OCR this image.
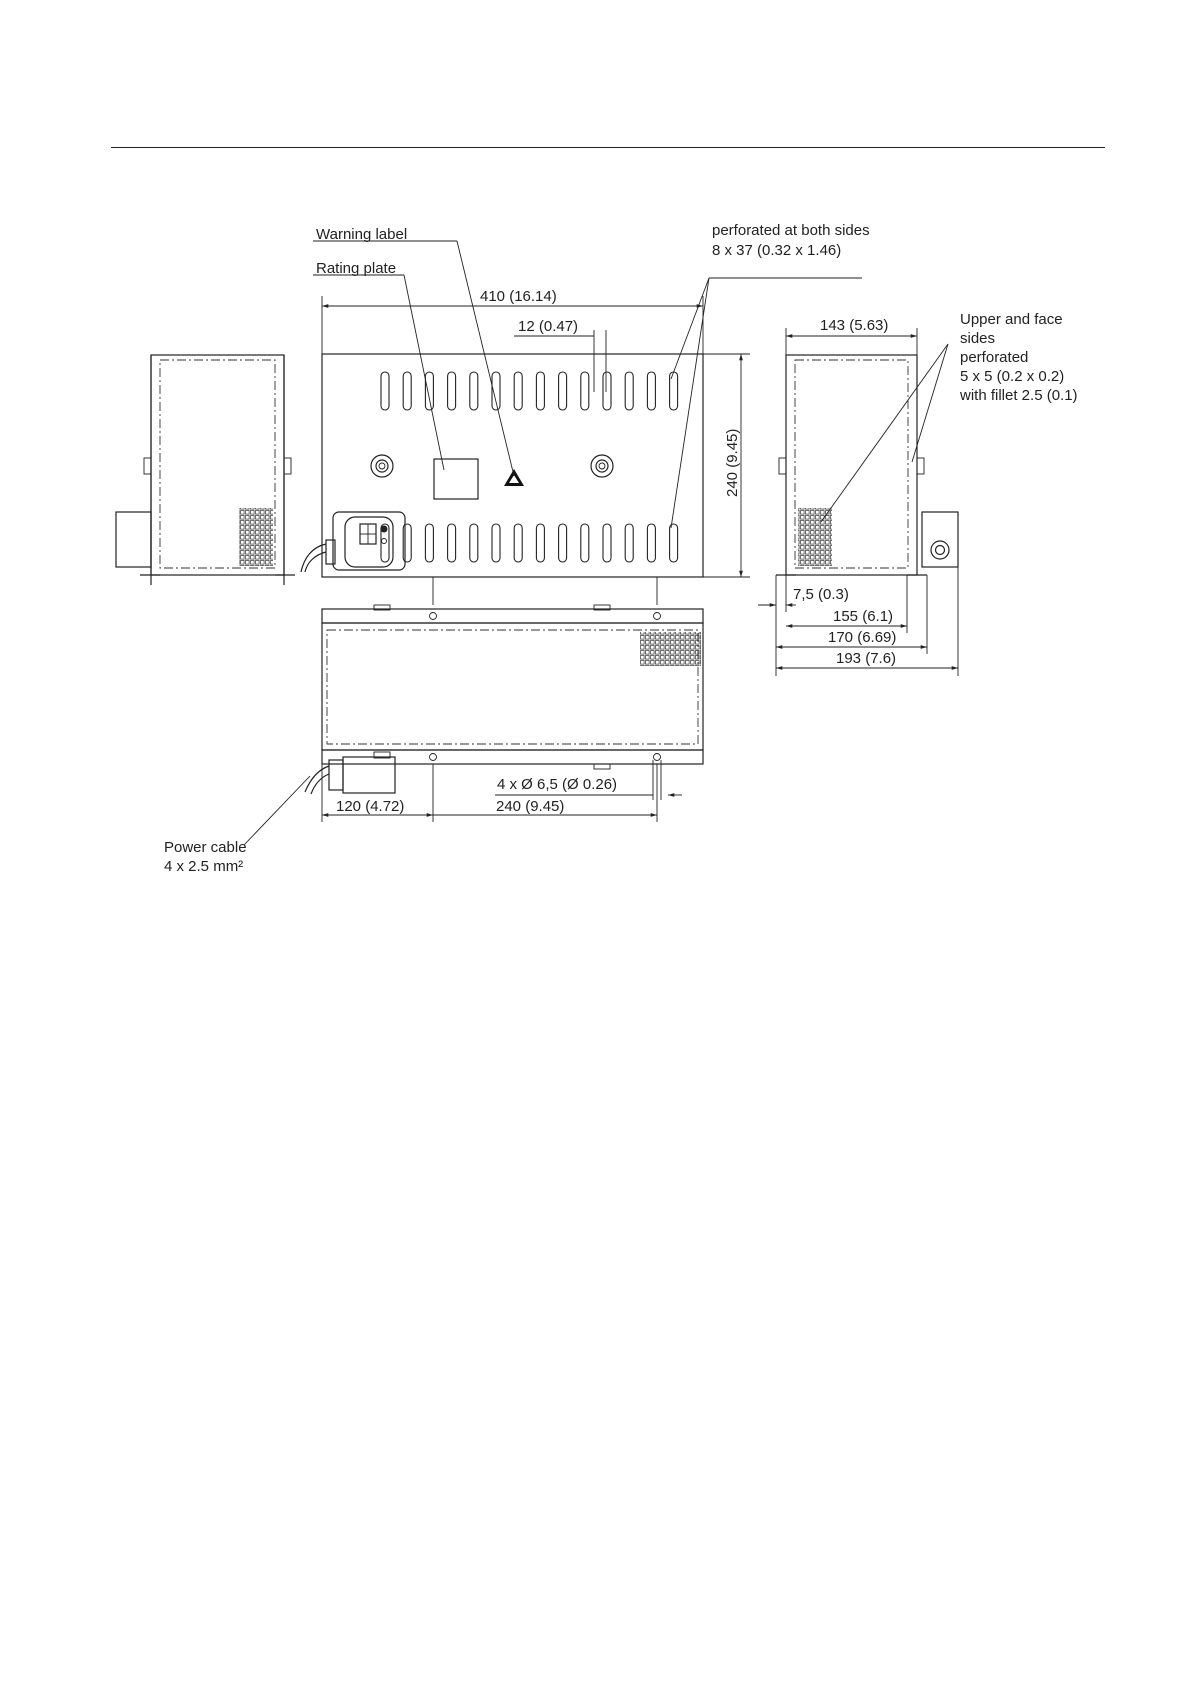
Warning label
Rating plate
perforated at both sides
8 x 37 (0.32 x 1.46)
Upper and face
sides
perforated
5 x 5 (0.2 x 0.2)
with fillet 2.5 (0.1)
Power cable
4 x 2.5 mm²
410 (16.14)
12 (0.47)
240 (9.45)
143 (5.63)
7,5 (0.3)
155 (6.1)
170 (6.69)
193 (7.6)
4 x Ø 6,5 (Ø 0.26)
120 (4.72)	240 (9.45)
